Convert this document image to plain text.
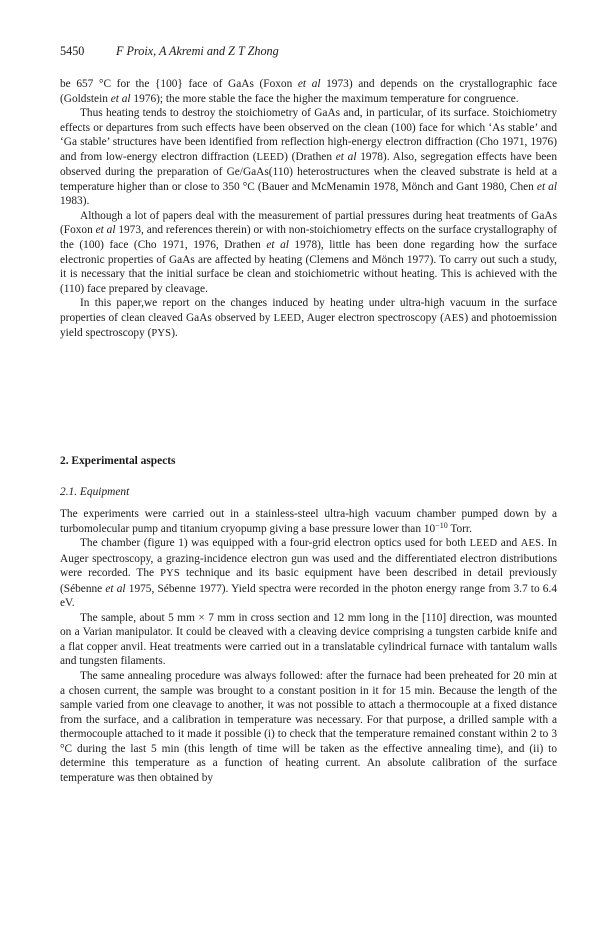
5450	F Proix, A Akremi and Z T Zhong

be 657 °C for the {100} face of GaAs (Foxon et al 1973) and depends on the crystallographic face (Goldstein et al 1976); the more stable the face the higher the maximum temperature for congruence.

Thus heating tends to destroy the stoichiometry of GaAs and, in particular, of its surface. Stoichiometry effects or departures from such effects have been observed on the clean (100) face for which ‘As stable’ and ‘Ga stable’ structures have been identified from reflection high-energy electron diffraction (Cho 1971, 1976) and from low-energy electron diffraction (LEED) (Drathen et al 1978). Also, segregation effects have been observed during the preparation of Ge/GaAs(110) heterostructures when the cleaved substrate is held at a temperature higher than or close to 350 °C (Bauer and McMenamin 1978, Mönch and Gant 1980, Chen et al 1983).

Although a lot of papers deal with the measurement of partial pressures during heat treatments of GaAs (Foxon et al 1973, and references therein) or with non-stoichiometry effects on the surface crystallography of the (100) face (Cho 1971, 1976, Drathen et al 1978), little has been done regarding how the surface electronic properties of GaAs are affected by heating (Clemens and Mönch 1977). To carry out such a study, it is necessary that the initial surface be clean and stoichiometric without heating. This is achieved with the (110) face prepared by cleavage.

In this paper,we report on the changes induced by heating under ultra-high vacuum in the surface properties of clean cleaved GaAs observed by LEED, Auger electron spectroscopy (AES) and photoemission yield spectroscopy (PYS).

2. Experimental aspects
2.1. Equipment

The experiments were carried out in a stainless-steel ultra-high vacuum chamber pumped down by a turbomolecular pump and titanium cryopump giving a base pressure lower than $10^{-10}$ Torr.

The chamber (figure 1) was equipped with a four-grid electron optics used for both LEED and AES. In Auger spectroscopy, a grazing-incidence electron gun was used and the differentiated electron distributions were recorded. The PYS technique and its basic equipment have been described in detail previously (Sébenne et al 1975, Sébenne 1977). Yield spectra were recorded in the photon energy range from 3.7 to 6.4 eV.

The sample, about 5 mm × 7 mm in cross section and 12 mm long in the [110] direction, was mounted on a Varian manipulator. It could be cleaved with a cleaving device comprising a tungsten carbide knife and a flat copper anvil. Heat treatments were carried out in a translatable cylindrical furnace with tantalum walls and tungsten filaments.

The same annealing procedure was always followed: after the furnace had been preheated for 20 min at a chosen current, the sample was brought to a constant position in it for 15 min. Because the length of the sample varied from one cleavage to another, it was not possible to attach a thermocouple at a fixed distance from the surface, and a calibration in temperature was necessary. For that purpose, a drilled sample with a thermocouple attached to it made it possible (i) to check that the temperature remained constant within 2 to 3 °C during the last 5 min (this length of time will be taken as the effective annealing time), and (ii) to determine this temperature as a function of heating current. An absolute calibration of the surface temperature was then obtained by
